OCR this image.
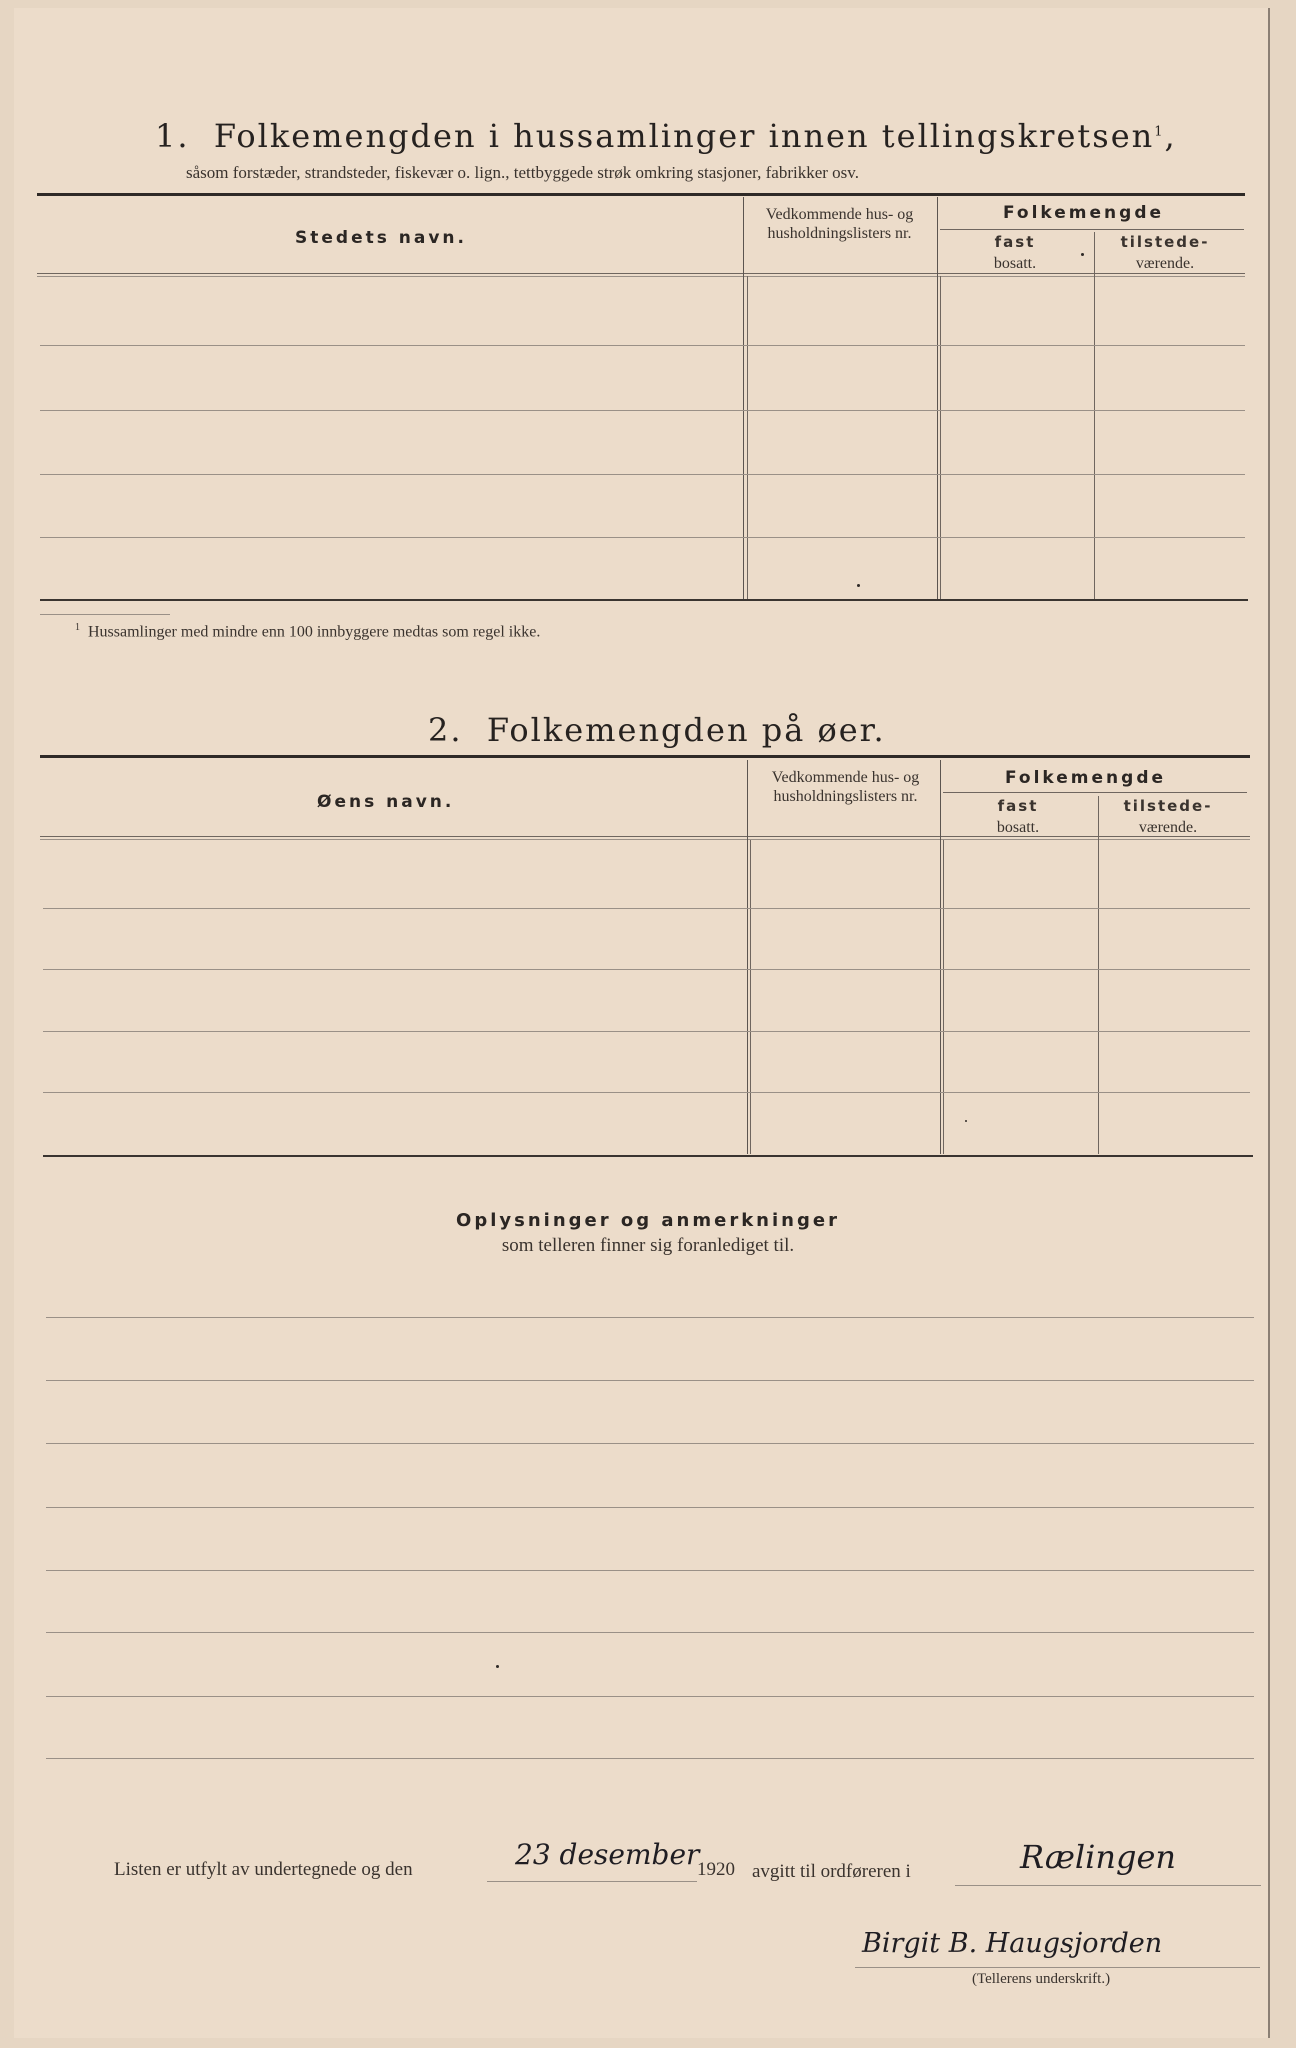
1. Folkemengden i hussamlinger innen tellingskretsen$^1$,
såsom forstæder, strandsteder, fiskevær o. lign., tettbyggede strøk omkring stasjoner, fabrikker osv.
Stedets navn.
Vedkommende hus- og husholdningslisters nr.
Folkemengde
fast
bosatt.
tilstede-
værende.
$^1$ Hussamlinger med mindre enn 100 innbyggere medtas som regel ikke.
2. Folkemengden på øer.
Øens navn.
Vedkommende hus- og husholdningslisters nr.
Folkemengde
fast
bosatt.
tilstede-
værende.
Oplysninger og anmerkninger
som telleren finner sig foranlediget til.
Listen er utfylt av undertegnede og den	23 desember
1920 avgitt til ordføreren i	Rælingen
Birgit B. Haugsjorden
(Tellerens underskrift.)
